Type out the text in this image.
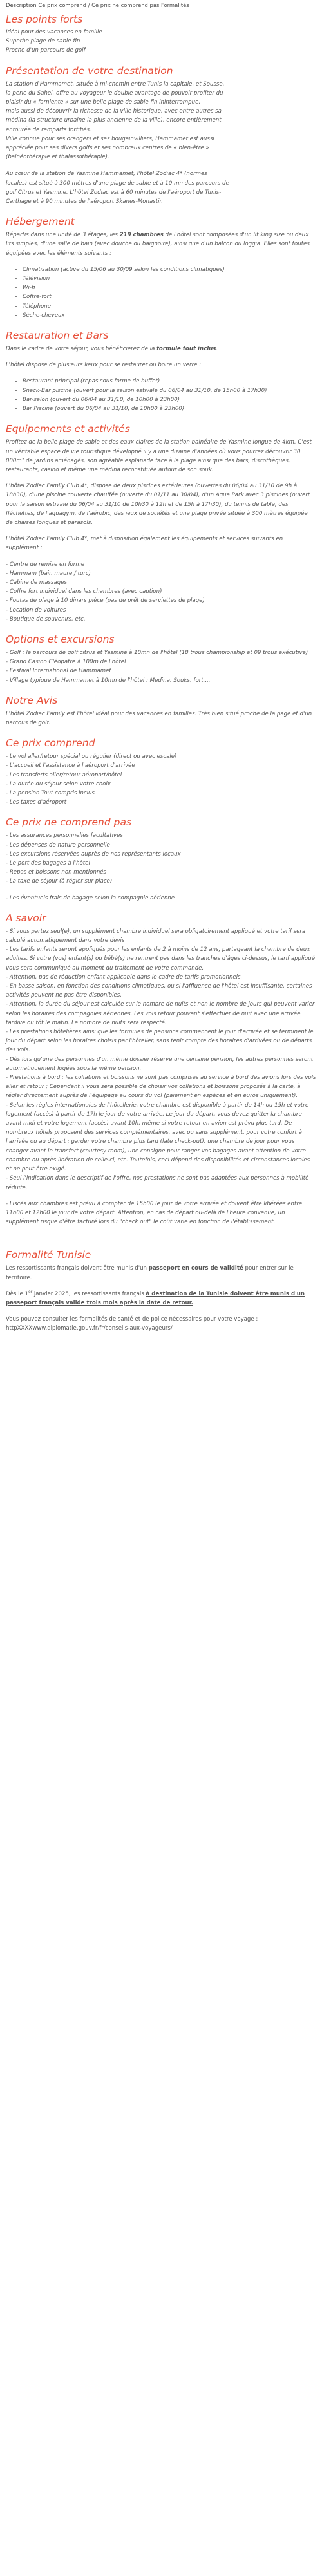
Description Ce prix comprend / Ce prix ne comprend pas Formalités
Les points forts

Idéal pour des vacances en famille

Superbe plage de sable fin

Proche d'un parcours de golf

Présentation de votre destination

La station d'Hammamet, située à mi-chemin entre Tunis la capitale, et Sousse,

la perle du Sahel, offre au voyageur le double avantage de pouvoir profiter du

plaisir du « farniente » sur une belle plage de sable fin ininterrompue,

mais aussi de découvrir la richesse de la ville historique, avec entre autres sa

médina (la structure urbaine la plus ancienne de la ville), encore entièrement

entourée de remparts fortifiés.

Ville connue pour ses orangers et ses bougainvilliers, Hammamet est aussi

appréciée pour ses divers golfs et ses nombreux centres de « bien-être »

(balnéothérapie et thalassothérapie).

Au cœur de la station de Yasmine Hammamet, l'hôtel Zodiac 4* (normes

locales) est situé à 300 mètres d'une plage de sable et à 10 mn des parcours de

golf Citrus et Yasmine. L'hôtel Zodiac est à 60 minutes de l'aéroport de Tunis-

Carthage et à 90 minutes de l'aéroport Skanes-Monastir.

Hébergement

Répartis dans une unité de 3 étages, les 219 chambres de l'hôtel sont composées d'un lit king size ou deux lits simples, d'une salle de bain (avec douche ou baignoire), ainsi que d'un balcon ou loggia. Elles sont toutes équipées avec les éléments suivants :

• Climatisation (active du 15/06 au 30/09 selon les conditions climatiques)
• Télévision
• Wi-fi
• Coffre-fort
• Téléphone
• Sèche-cheveux
Restauration et Bars

Dans le cadre de votre séjour, vous bénéficierez de la formule tout inclus.

L'hôtel dispose de plusieurs lieux pour se restaurer ou boire un verre :

• Restaurant principal (repas sous forme de buffet)
• Snack-Bar piscine (ouvert pour la saison estivale du 06/04 au 31/10, de 15h00 à 17h30)
• Bar-salon (ouvert du 06/04 au 31/10, de 10h00 à 23h00)
• Bar Piscine (ouvert du 06/04 au 31/10, de 10h00 à 23h00)
Equipements et activités

Profitez de la belle plage de sable et des eaux claires de la station balnéaire de Yasmine longue de 4km. C'est un véritable espace de vie touristique développé il y a une dizaine d'années où vous pourrez découvrir 30 000m² de jardins aménagés, son agréable esplanade face à la plage ainsi que des bars, discothèques, restaurants, casino et même une médina reconstituée autour de son souk.

L'hôtel Zodiac Family Club 4*, dispose de deux piscines extérieures (ouvertes du 06/04 au 31/10 de 9h à 18h30), d'une piscine couverte chauffée (ouverte du 01/11 au 30/04), d'un Aqua Park avec 3 piscines (ouvert pour la saison estivale du 06/04 au 31/10 de 10h30 à 12h et de 15h à 17h30), du tennis de table, des fléchettes, de l'aquagym, de l'aérobic, des jeux de sociétés et une plage privée située à 300 mètres équipée de chaises longues et parasols.

L'hôtel Zodiac Family Club 4*, met à disposition également les équipements et services suivants en supplément :

- Centre de remise en forme

- Hammam (bain maure / turc)

- Cabine de massages

- Coffre fort individuel dans les chambres (avec caution)

- Foutas de plage à 10 dinars pièce (pas de prêt de serviettes de plage)

- Location de voitures

- Boutique de souvenirs, etc.

Options et excursions

- Golf : le parcours de golf citrus et Yasmine à 10mn de l'hôtel (18 trous championship et 09 trous exécutive)

- Grand Casino Cléopatre à 100m de l'hôtel

- Festival International de Hammamet

- Village typique de Hammamet à 10mn de l'hôtel ; Medina, Souks, fort,...

Notre Avis

L'hôtel Zodiac Family est l'hôtel idéal pour des vacances en familles. Très bien situé proche de la page et d'un parcous de golf.

Ce prix comprend

- Le vol aller/retour spécial ou régulier (direct ou avec escale)

- L'accueil et l'assistance à l'aéroport d'arrivée

- Les transferts aller/retour aéroport/hôtel

- La durée du séjour selon votre choix

- La pension Tout compris inclus

- Les taxes d'aéroport

Ce prix ne comprend pas

- Les assurances personnelles facultatives

- Les dépenses de nature personnelle

- Les excursions réservées auprès de nos représentants locaux

- Le port des bagages à l'hôtel

- Repas et boissons non mentionnés

- La taxe de séjour (à régler sur place)

- Les éventuels frais de bagage selon la compagnie aérienne

A savoir

- Si vous partez seul(e), un supplément chambre individuel sera obligatoirement appliqué et votre tarif sera calculé automatiquement dans votre devis
- Les tarifs enfants seront appliqués pour les enfants de 2 à moins de 12 ans, partageant la chambre de deux adultes. Si votre (vos) enfant(s) ou bébé(s) ne rentrent pas dans les tranches d'âges ci-dessus, le tarif appliqué vous sera communiqué au moment du traitement de votre commande.
- Attention, pas de réduction enfant applicable dans le cadre de tarifs promotionnels.
- En basse saison, en fonction des conditions climatiques, ou si l'affluence de l'hôtel est insuffisante, certaines activités peuvent ne pas être disponibles.
- Attention, la durée du séjour est calculée sur le nombre de nuits et non le nombre de jours qui peuvent varier selon les horaires des compagnies aériennes. Les vols retour pouvant s'effectuer de nuit avec une arrivée tardive ou tôt le matin. Le nombre de nuits sera respecté.
- Les prestations hôtelières ainsi que les formules de pensions commencent le jour d'arrivée et se terminent le jour du départ selon les horaires choisis par l'hôtelier, sans tenir compte des horaires d'arrivées ou de départs des vols.
- Dès lors qu'une des personnes d'un même dossier réserve une certaine pension, les autres personnes seront automatiquement logées sous la même pension.
- Prestations à bord : les collations et boissons ne sont pas comprises au service à bord des avions lors des vols aller et retour ; Cependant il vous sera possible de choisir vos collations et boissons proposés à la carte, à régler directement auprès de l'équipage au cours du vol (paiement en espèces et en euros uniquement).
- Selon les règles internationales de l'hôtellerie, votre chambre est disponible à partir de 14h ou 15h et votre logement (accès) à partir de 17h le jour de votre arrivée. Le jour du départ, vous devez quitter la chambre avant midi et votre logement (accès) avant 10h, même si votre retour en avion est prévu plus tard. De nombreux hôtels proposent des services complémentaires, avec ou sans supplément, pour votre confort à l'arrivée ou au départ : garder votre chambre plus tard (late check-out), une chambre de jour pour vous changer avant le transfert (courtesy room), une consigne pour ranger vos bagages avant attention de votre chambre ou après libération de celle-ci, etc. Toutefois, ceci dépend des disponibilités et circonstances locales et ne peut être exigé.
- Seul l'indication dans le descriptif de l'offre, nos prestations ne sont pas adaptées aux personnes à mobilité réduite.

- Liscés aux chambres est prévu à compter de 15h00 le jour de votre arrivée et doivent être libérées entre 11h00 et 12h00 le jour de votre départ. Attention, en cas de départ ou-delà de l'heure convenue, un supplément risque d'être facturé lors du "check out" le coût varie en fonction de l'établissement.

Formalité Tunisie

Les ressortissants français doivent être munis d'un passeport en cours de validité pour entrer sur le territoire.

Dès le 1er janvier 2025, les ressortissants français à destination de la Tunisie doivent être munis d'un passeport français valide trois mois après la date de retour.

Vous pouvez consulter les formalités de santé et de police nécessaires pour votre voyage : httpXXXXwww.diplomatie.gouv.fr/fr/conseils-aux-voyageurs/
